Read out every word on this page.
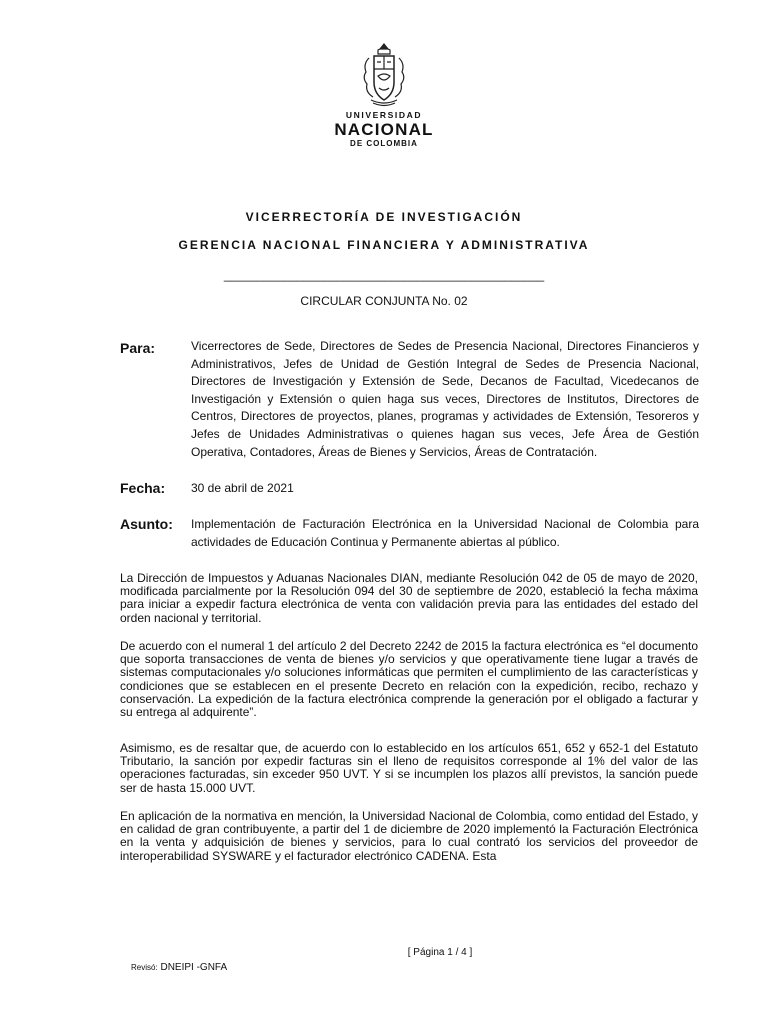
UNIVERSIDAD
NACIONAL
DE COLOMBIA
VICERRECTORÍA DE INVESTIGACIÓN
GERENCIA NACIONAL FINANCIERA Y ADMINISTRATIVA
________________________________________________
CIRCULAR CONJUNTA No. 02
Para:	Vicerrectores de Sede, Directores de Sedes de Presencia Nacional, Directores Financieros y Administrativos, Jefes de Unidad de Gestión Integral de Sedes de Presencia Nacional, Directores de Investigación y Extensión de Sede, Decanos de Facultad, Vicedecanos de Investigación y Extensión o quien haga sus veces, Directores de Institutos, Directores de Centros, Directores de proyectos, planes, programas y actividades de Extensión, Tesoreros y Jefes de Unidades Administrativas o quienes hagan sus veces, Jefe Área de Gestión Operativa, Contadores, Áreas de Bienes y Servicios, Áreas de Contratación.
Fecha: 30 de abril de 2021
Asunto: Implementación de Facturación Electrónica en la Universidad Nacional de Colombia para actividades de Educación Continua y Permanente abiertas al público.

La Dirección de Impuestos y Aduanas Nacionales DIAN, mediante Resolución 042 de 05 de mayo de 2020, modificada parcialmente por la Resolución 094 del 30 de septiembre de 2020, estableció la fecha máxima para iniciar a expedir factura electrónica de venta con validación previa para las entidades del estado del orden nacional y territorial.

De acuerdo con el numeral 1 del artículo 2 del Decreto 2242 de 2015 la factura electrónica es “el documento que soporta transacciones de venta de bienes y/o servicios y que operativamente tiene lugar a través de sistemas computacionales y/o soluciones informáticas que permiten el cumplimiento de las características y condiciones que se establecen en el presente Decreto en relación con la expedición, recibo, rechazo y conservación. La expedición de la factura electrónica comprende la generación por el obligado a facturar y su entrega al adquirente”.

Asimismo, es de resaltar que, de acuerdo con lo establecido en los artículos 651, 652 y 652-1 del Estatuto Tributario, la sanción por expedir facturas sin el lleno de requisitos corresponde al 1% del valor de las operaciones facturadas, sin exceder 950 UVT. Y si se incumplen los plazos allí previstos, la sanción puede ser de hasta 15.000 UVT.

En aplicación de la normativa en mención, la Universidad Nacional de Colombia, como entidad del Estado, y en calidad de gran contribuyente, a partir del 1 de diciembre de 2020 implementó la Facturación Electrónica en la venta y adquisición de bienes y servicios, para lo cual contrató los servicios del proveedor de interoperabilidad SYSWARE y el facturador electrónico CADENA. Esta

[ Página 1 / 4 ]
Revisó: DNEIPI -GNFA
